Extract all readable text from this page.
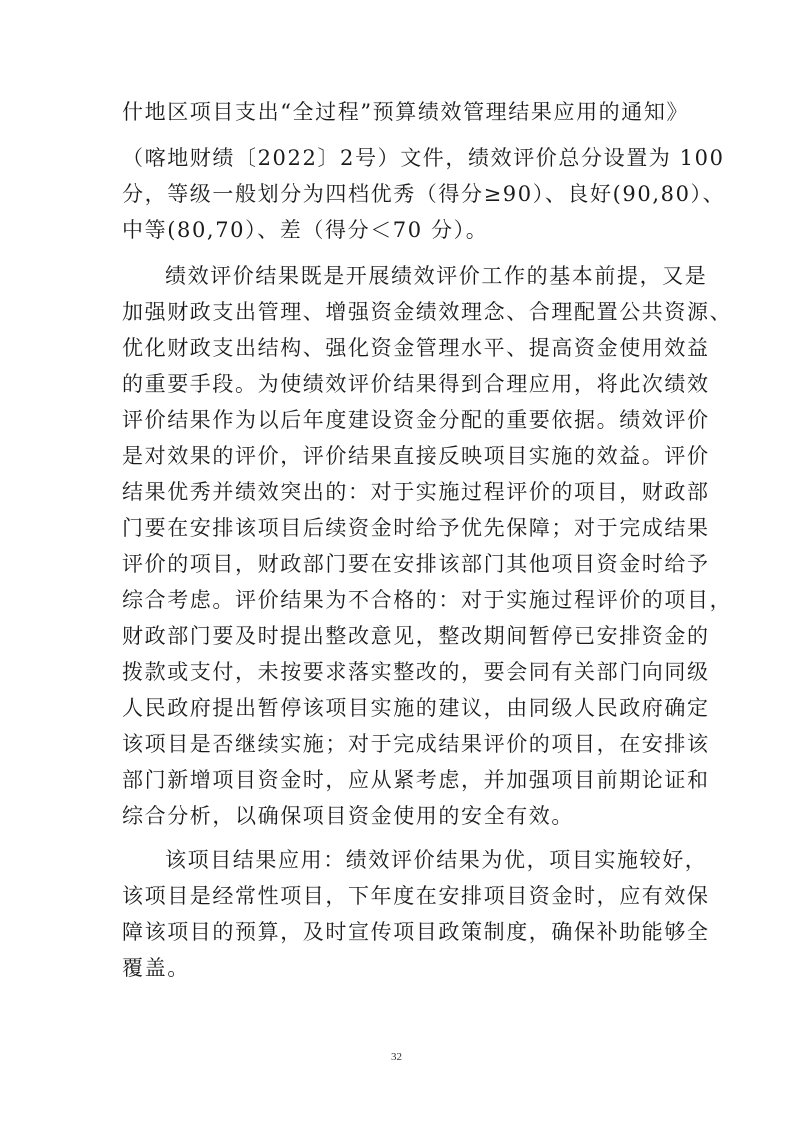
什地区项目支出“全过程”预算绩效管理结果应用的通知》
（喀地财绩〔2022〕2号）文件，绩效评价总分设置为 100
分，等级一般划分为四档优秀（得分≥90）、良好(90,80）、
中等(80,70）、差（得分＜70 分）。
绩效评价结果既是开展绩效评价工作的基本前提，又是
加强财政支出管理、增强资金绩效理念、合理配置公共资源、
优化财政支出结构、强化资金管理水平、提高资金使用效益
的重要手段。为使绩效评价结果得到合理应用，将此次绩效
评价结果作为以后年度建设资金分配的重要依据。绩效评价
是对效果的评价，评价结果直接反映项目实施的效益。评价
结果优秀并绩效突出的：对于实施过程评价的项目，财政部
门要在安排该项目后续资金时给予优先保障；对于完成结果
评价的项目，财政部门要在安排该部门其他项目资金时给予
综合考虑。评价结果为不合格的：对于实施过程评价的项目，
财政部门要及时提出整改意见，整改期间暂停已安排资金的
拨款或支付，未按要求落实整改的，要会同有关部门向同级
人民政府提出暂停该项目实施的建议，由同级人民政府确定
该项目是否继续实施；对于完成结果评价的项目，在安排该
部门新增项目资金时，应从紧考虑，并加强项目前期论证和
综合分析，以确保项目资金使用的安全有效。
该项目结果应用：绩效评价结果为优，项目实施较好，
该项目是经常性项目，下年度在安排项目资金时，应有效保
障该项目的预算，及时宣传项目政策制度，确保补助能够全
覆盖。
32
